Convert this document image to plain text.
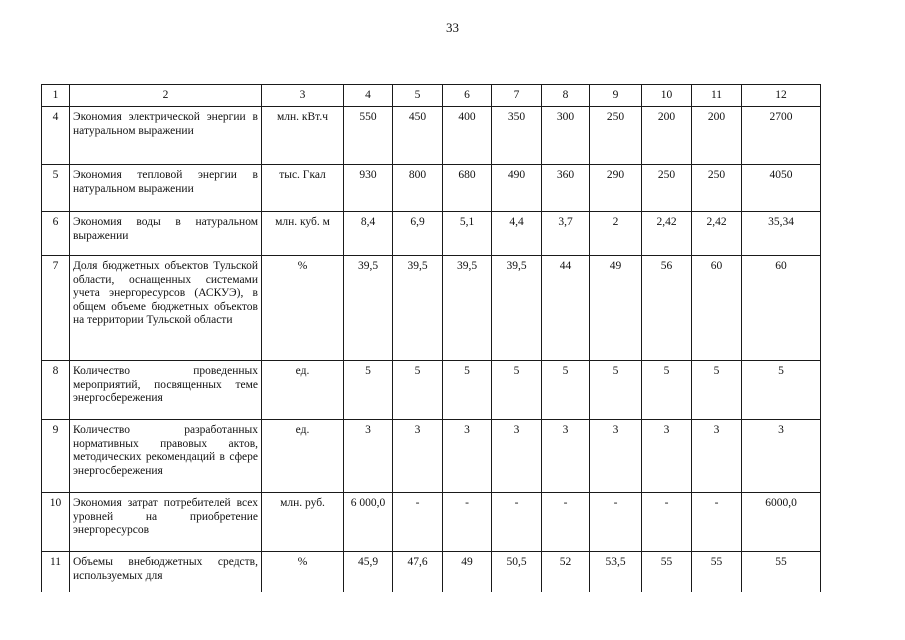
33
1	2	3	4	5	6	7	8	9	10	11	12
4	Экономия электрической энергии в натуральном выражении	млн. кВт.ч	550	450	400	350	300	250	200	200	2700
5	Экономия тепловой энергии в натуральном выражении	тыс. Гкал	930	800	680	490	360	290	250	250	4050
6	Экономия воды в натуральном выражении	млн. куб. м	8,4	6,9	5,1	4,4	3,7	2	2,42	2,42	35,34
7	Доля бюджетных объектов Тульской области, оснащенных системами учета энергоресурсов (АСКУЭ), в общем объеме бюджетных объектов на территории Тульской области	%	39,5	39,5	39,5	39,5	44	49	56	60	60
8	Количество проведенных мероприятий, посвященных теме энергосбережения	ед.	5	5	5	5	5	5	5	5	5
9	Количество разработанных нормативных правовых актов, методических рекомендаций в сфере энергосбережения	ед.	3	3	3	3	3	3	3	3	3
10	Экономия затрат потребителей всех уровней на приобретение энергоресурсов	млн. руб.	6 000,0	-	-	-	-	-	-	-	6000,0
11	Объемы внебюджетных средств, используемых для	%	45,9	47,6	49	50,5	52	53,5	55	55	55
